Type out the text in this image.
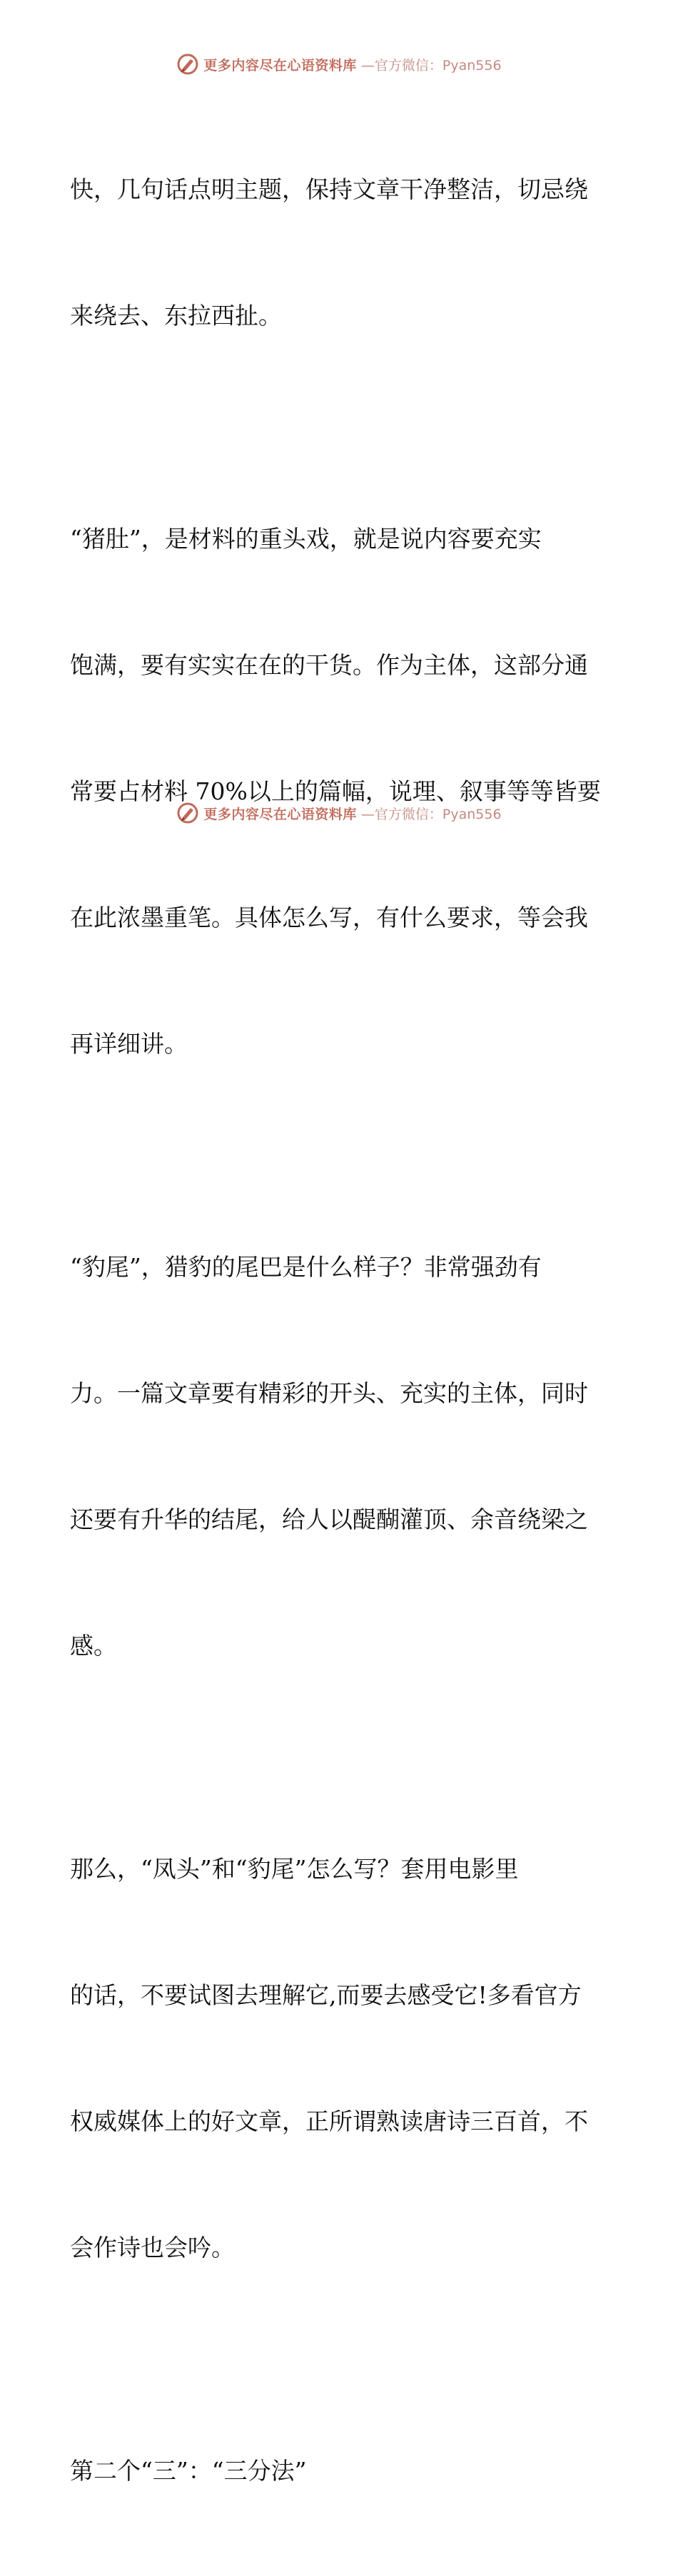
更多内容尽在心语资料库 —官方微信：Pyan556

快，几句话点明主题，保持文章干净整洁，切忌绕

来绕去、东拉西扯。

“猪肚”，是材料的重头戏，就是说内容要充实

饱满，要有实实在在的干货。作为主体，这部分通

常要占材料 70%以上的篇幅，说理、叙事等等皆要

在此浓墨重笔。具体怎么写，有什么要求，等会我

再详细讲。

“豹尾”，猎豹的尾巴是什么样子？非常强劲有

力。一篇文章要有精彩的开头、充实的主体，同时

还要有升华的结尾，给人以醍醐灌顶、余音绕梁之

感。

那么，“凤头”和“豹尾”怎么写？套用电影里

的话，不要试图去理解它,而要去感受它!多看官方

权威媒体上的好文章，正所谓熟读唐诗三百首，不

会作诗也会吟。

第二个“三”：“三分法”

更多内容尽在心语资料库 —官方微信：Pyan556
